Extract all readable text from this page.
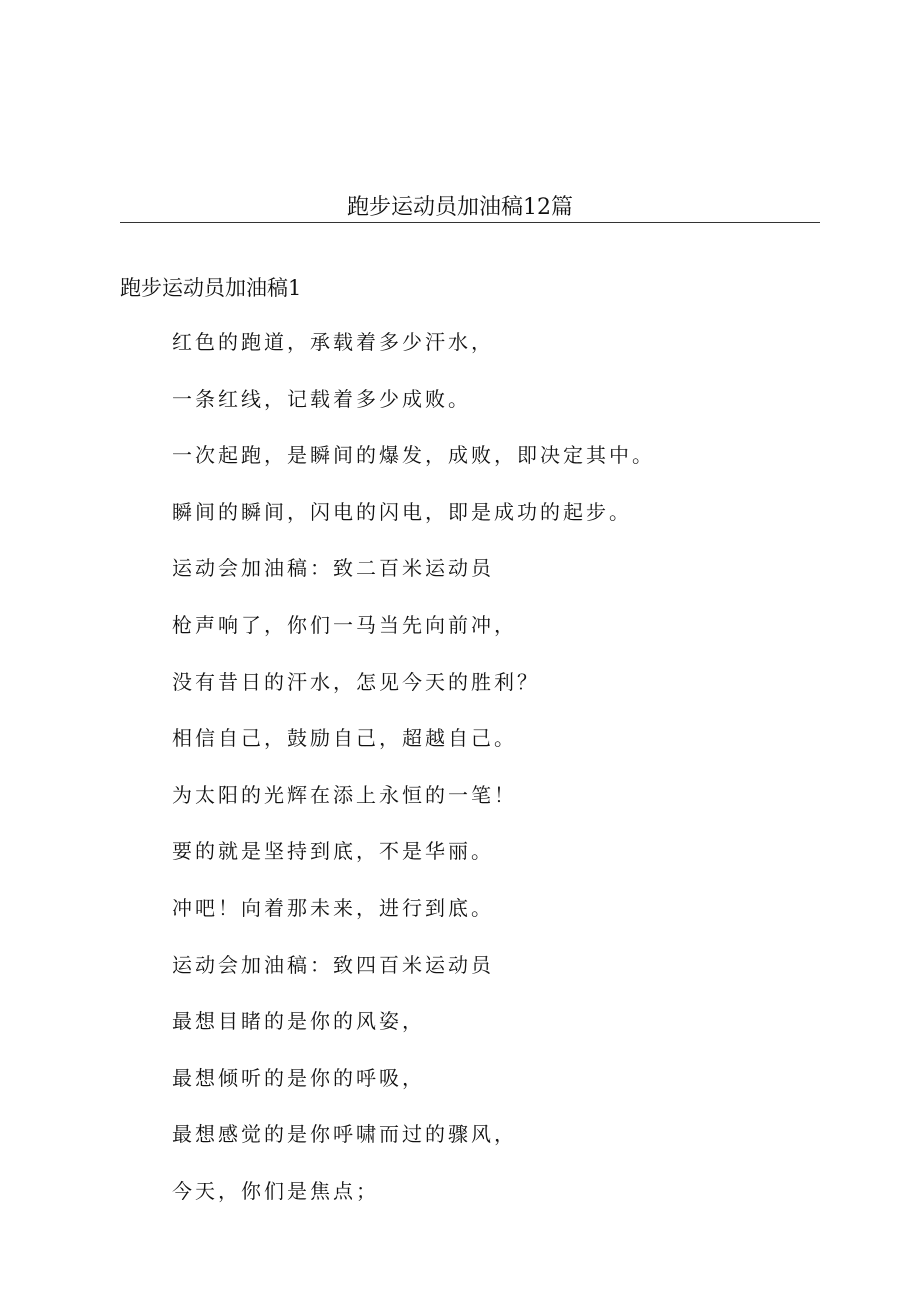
跑步运动员加油稿12篇
跑步运动员加油稿1
红色的跑道，承载着多少汗水，
一条红线，记载着多少成败。
一次起跑，是瞬间的爆发，成败，即决定其中。
瞬间的瞬间，闪电的闪电，即是成功的起步。
运动会加油稿：致二百米运动员
枪声响了，你们一马当先向前冲，
没有昔日的汗水，怎见今天的胜利？
相信自己，鼓励自己，超越自己。
为太阳的光辉在添上永恒的一笔！
要的就是坚持到底，不是华丽。
冲吧！向着那未来，进行到底。
运动会加油稿：致四百米运动员
最想目睹的是你的风姿，
最想倾听的是你的呼吸，
最想感觉的是你呼啸而过的骤风，
今天，你们是焦点；
